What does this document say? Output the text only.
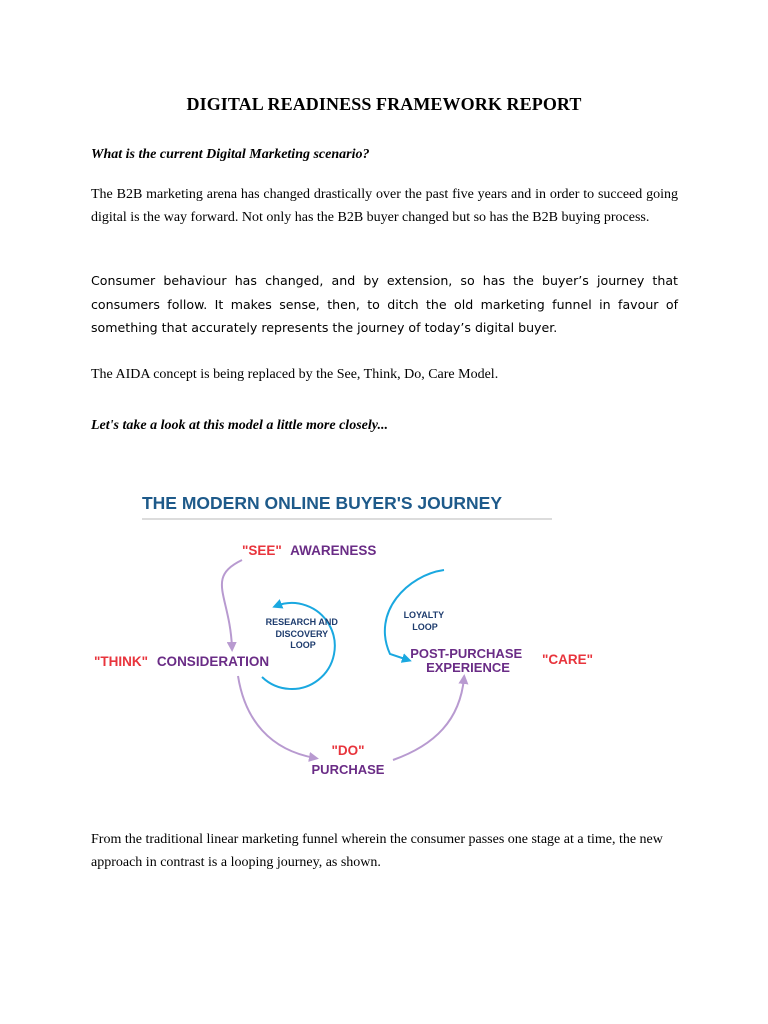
DIGITAL READINESS FRAMEWORK REPORT

What is the current Digital Marketing scenario?

The B2B marketing arena has changed drastically over the past five years and in order to succeed going digital is the way forward. Not only has the B2B buyer changed but so has the B2B buying process.

Consumer behaviour has changed, and by extension, so has the buyer’s journey that consumers follow. It makes sense, then, to ditch the old marketing funnel in favour of something that accurately represents the journey of today’s digital buyer.

The AIDA concept is being replaced by the See, Think, Do, Care Model.

Let's take a look at this model a little more closely...

THE MODERN ONLINE BUYER'S JOURNEY
"SEE" AWARENESS
RESEARCH AND DISCOVERY LOOP
"THINK" CONSIDERATION
LOYALTY LOOP
POST-PURCHASE EXPERIENCE
"CARE"
"DO"
PURCHASE

From the traditional linear marketing funnel wherein the consumer passes one stage at a time, the new approach in contrast is a looping journey, as shown.
